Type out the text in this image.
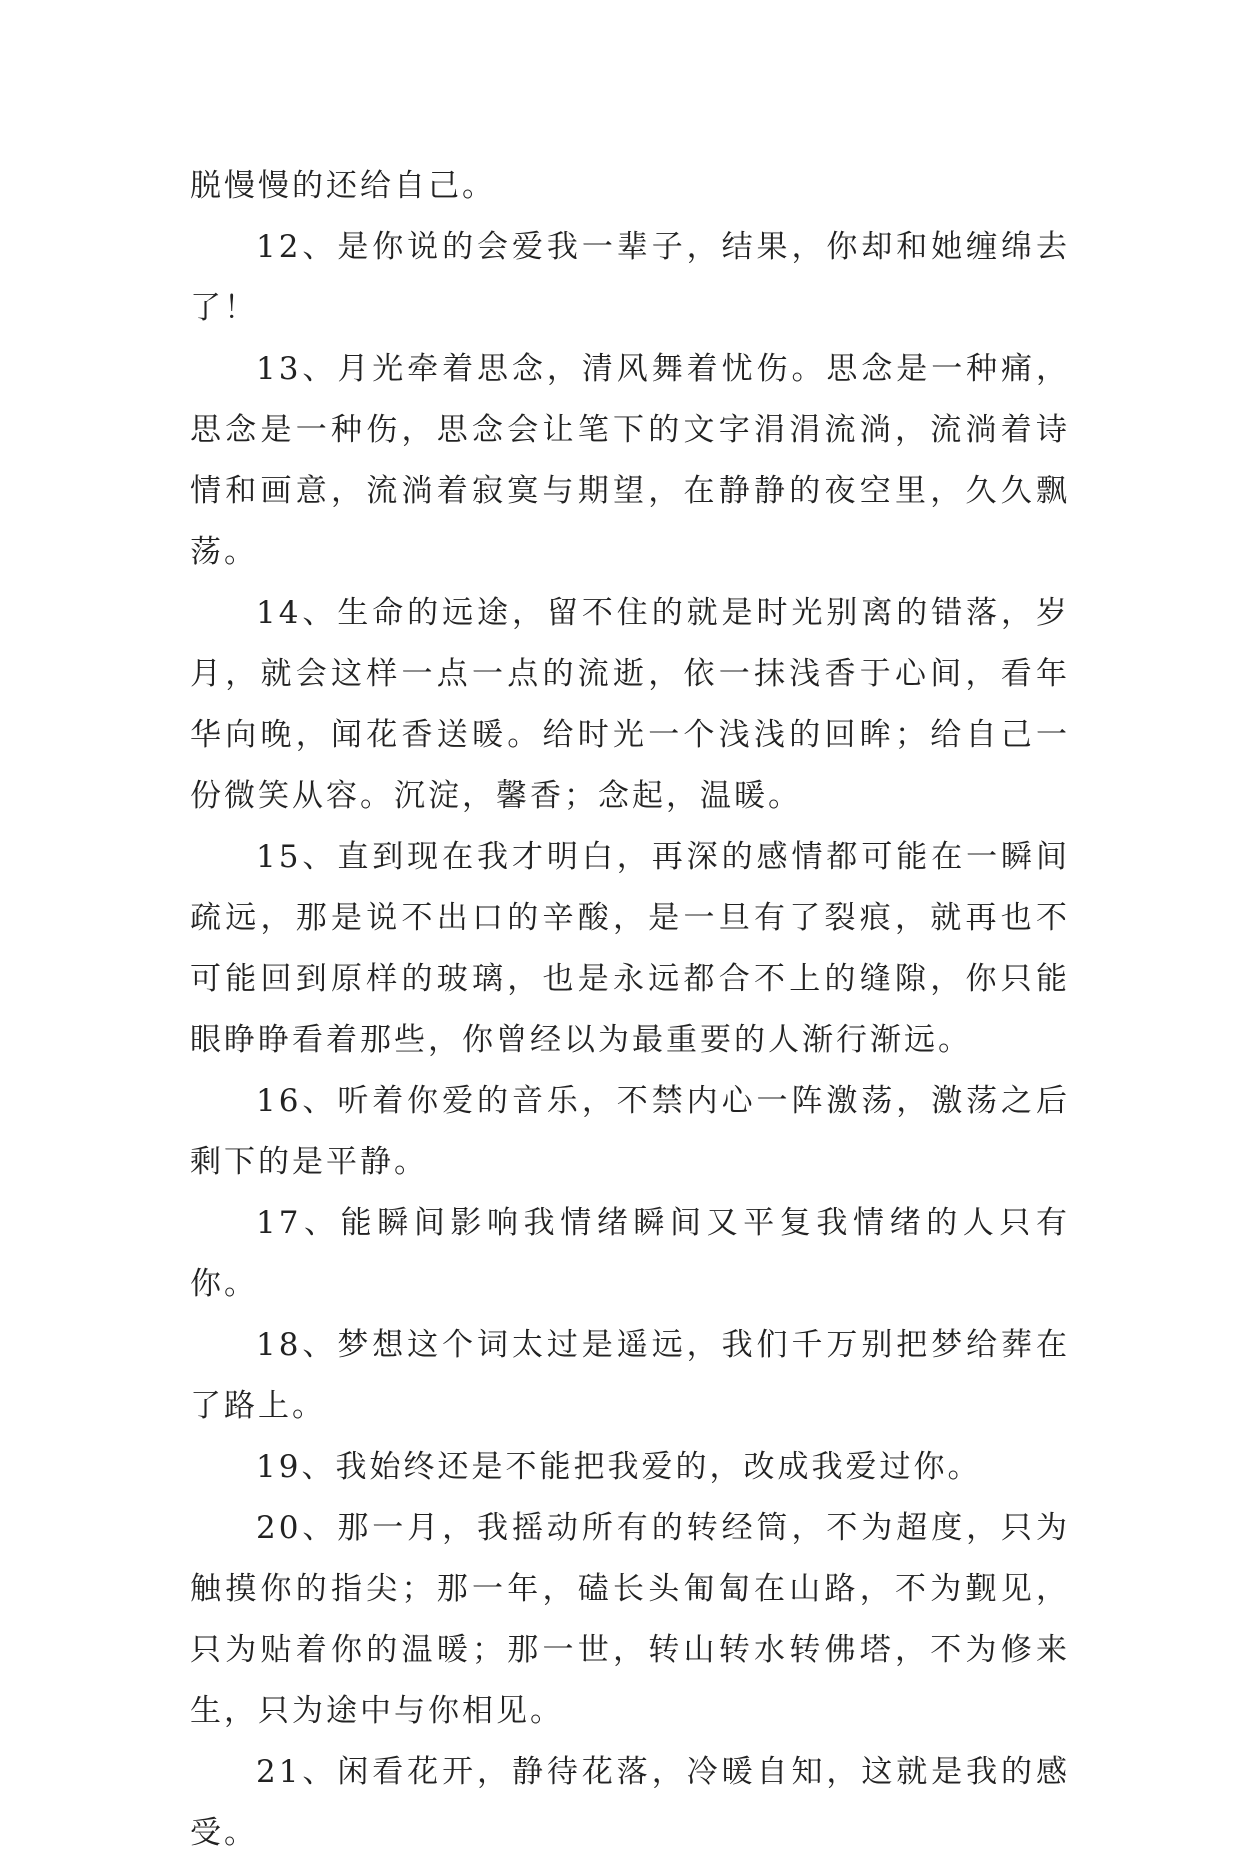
脱慢慢的还给自己。

12、是你说的会爱我一辈子，结果，你却和她缠绵去了！

13、月光牵着思念，清风舞着忧伤。思念是一种痛，思念是一种伤，思念会让笔下的文字涓涓流淌，流淌着诗情和画意，流淌着寂寞与期望，在静静的夜空里，久久飘荡。

14、生命的远途，留不住的就是时光别离的错落，岁月，就会这样一点一点的流逝，依一抹浅香于心间，看年华向晚，闻花香送暖。给时光一个浅浅的回眸；给自己一份微笑从容。沉淀，馨香；念起，温暖。

15、直到现在我才明白，再深的感情都可能在一瞬间疏远，那是说不出口的辛酸，是一旦有了裂痕，就再也不可能回到原样的玻璃，也是永远都合不上的缝隙，你只能眼睁睁看着那些，你曾经以为最重要的人渐行渐远。

16、听着你爱的音乐，不禁内心一阵激荡，激荡之后剩下的是平静。

17、能瞬间影响我情绪瞬间又平复我情绪的人只有你。

18、梦想这个词太过是遥远，我们千万别把梦给葬在了路上。

19、我始终还是不能把我爱的，改成我爱过你。

20、那一月，我摇动所有的转经筒，不为超度，只为触摸你的指尖；那一年，磕长头匍匐在山路，不为觐见，只为贴着你的温暖；那一世，转山转水转佛塔，不为修来生，只为途中与你相见。

21、闲看花开，静待花落，冷暖自知，这就是我的感受。
